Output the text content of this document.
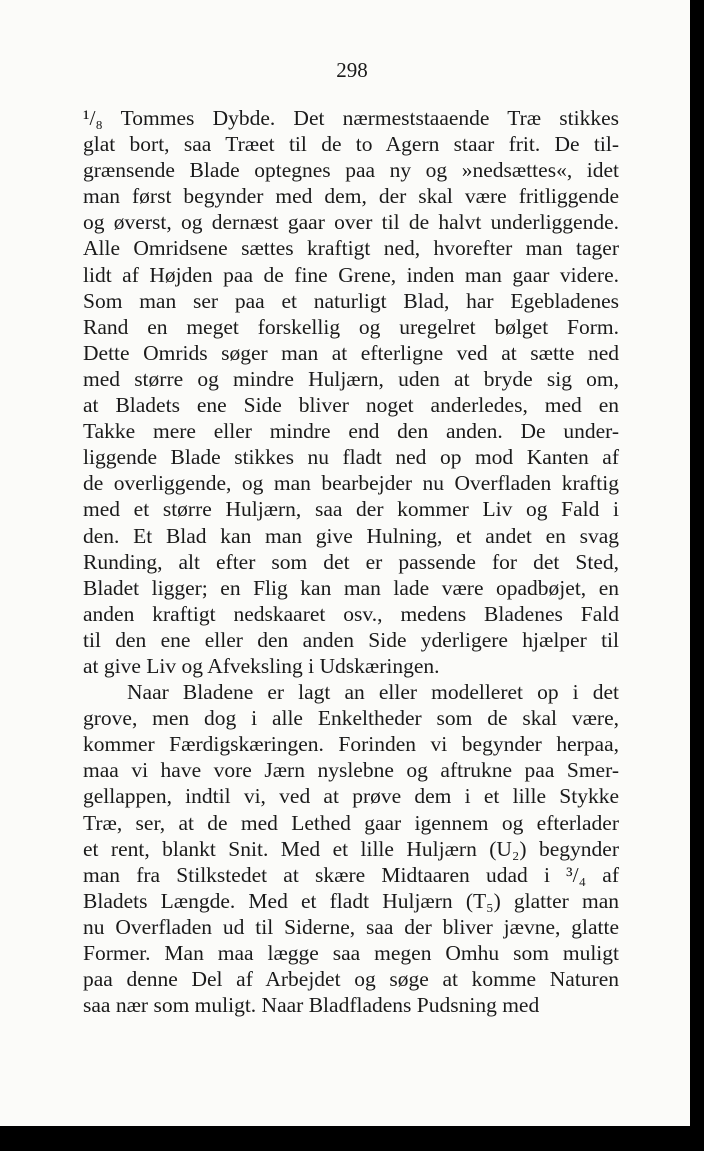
298
¹/₈ Tommes Dybde. Det nærmeststaaende Træ stikkes
glat bort, saa Træet til de to Agern staar frit. De til-
grænsende Blade optegnes paa ny og »nedsættes«, idet
man først begynder med dem, der skal være fritliggende
og øverst, og dernæst gaar over til de halvt underliggende.
Alle Omridsene sættes kraftigt ned, hvorefter man tager
lidt af Højden paa de fine Grene, inden man gaar videre.
Som man ser paa et naturligt Blad, har Egebladenes
Rand en meget forskellig og uregelret bølget Form.
Dette Omrids søger man at efterligne ved at sætte ned
med større og mindre Huljærn, uden at bryde sig om,
at Bladets ene Side bliver noget anderledes, med en
Takke mere eller mindre end den anden. De under-
liggende Blade stikkes nu fladt ned op mod Kanten af
de overliggende, og man bearbejder nu Overfladen kraftig
med et større Huljærn, saa der kommer Liv og Fald i
den. Et Blad kan man give Hulning, et andet en svag
Runding, alt efter som det er passende for det Sted,
Bladet ligger; en Flig kan man lade være opadbøjet, en
anden kraftigt nedskaaret osv., medens Bladenes Fald
til den ene eller den anden Side yderligere hjælper til
at give Liv og Afveksling i Udskæringen.
Naar Bladene er lagt an eller modelleret op i det
grove, men dog i alle Enkeltheder som de skal være,
kommer Færdigskæringen. Forinden vi begynder herpaa,
maa vi have vore Jærn nyslebne og aftrukne paa Smer-
gellappen, indtil vi, ved at prøve dem i et lille Stykke
Træ, ser, at de med Lethed gaar igennem og efterlader
et rent, blankt Snit. Med et lille Huljærn (U₂) begynder
man fra Stilkstedet at skære Midtaaren udad i ³/₄ af
Bladets Længde. Med et fladt Huljærn (T₅) glatter man
nu Overfladen ud til Siderne, saa der bliver jævne, glatte
Former. Man maa lægge saa megen Omhu som muligt
paa denne Del af Arbejdet og søge at komme Naturen
saa nær som muligt. Naar Bladfladens Pudsning med
